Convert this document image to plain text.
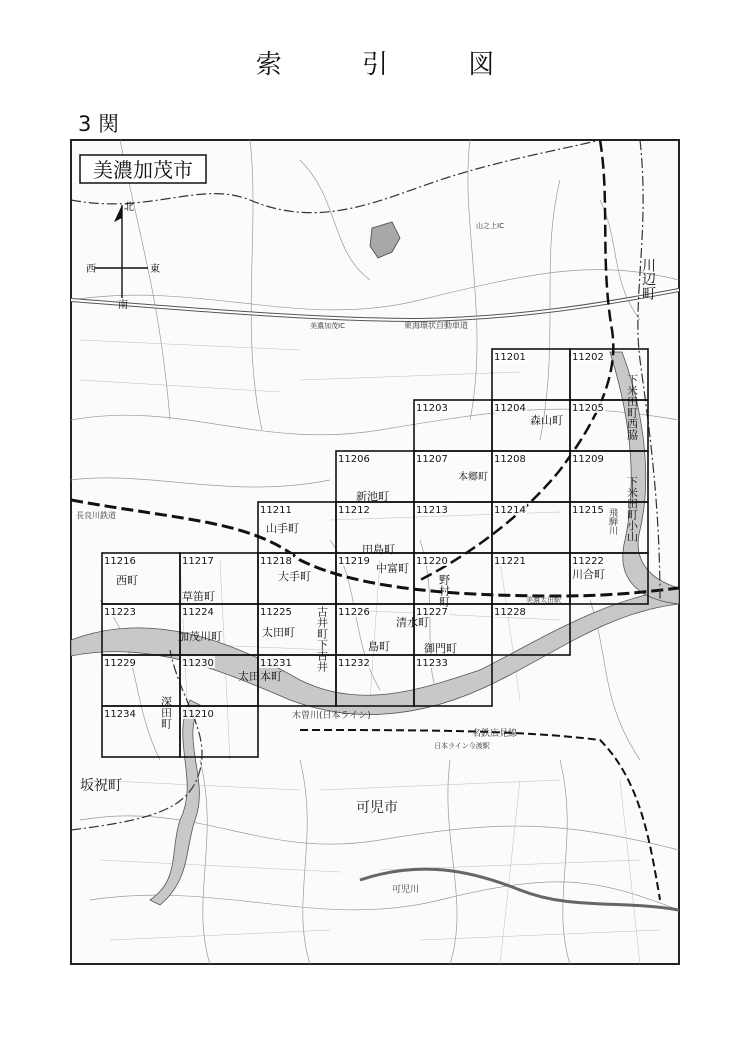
索 引 図
3 関
美濃加茂市
北
南
東
西
11201	11202
11203	11204	11205
11206	11207	11208	11209
11211	11212	11213	11214	11215
11216	11217	11218	11219	11220	11221	11222
11223	11224	11225	11226	11227	11228
11229	11230	11231	11232	11233
11234	11210
川辺町
下米田町西脇
下米田町小山
森山町
本郷町
新池町
山手町
田島町
中富町
野村町	川合町
西町
草笛町
大手町
古井町下古井
加茂川町	太田町
清水町
島町	御門町
太田本町
深田町
坂祝町
可児市
木曽川(日本ライン)
名鉄広見線
可児川
東海環状自動車道
長良川鉄道	飛騨川
美濃加茂IC
山之上IC
美濃太田駅
日本ライン今渡駅
